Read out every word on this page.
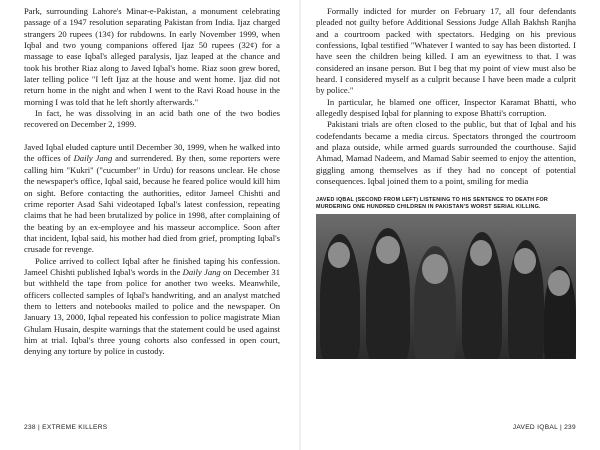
Park, surrounding Lahore's Minar-e-Pakistan, a monument celebrating passage of a 1947 resolution separating Pakistan from India. Ijaz charged strangers 20 rupees (13¢) for rubdowns. In early November 1999, when Iqbal and two young companions offered Ijaz 50 rupees (32¢) for a massage to ease Iqbal's alleged paralysis, Ijaz leaped at the chance and took his brother Riaz along to Javed Iqbal's home. Riaz soon grew bored, later telling police "I left Ijaz at the house and went home. Ijaz did not return home in the night and when I went to the Ravi Road house in the morning I was told that he left shortly afterwards."

In fact, he was dissolving in an acid bath one of the two bodies recovered on December 2, 1999.

Javed Iqbal eluded capture until December 30, 1999, when he walked into the offices of Daily Jang and surrendered. By then, some reporters were calling him "Kukri" ("cucumber" in Urdu) for reasons unclear. He chose the newspaper's office, Iqbal said, because he feared police would kill him on sight. Before contacting the authorities, editor Jameel Chishti and crime reporter Asad Sahi videotaped Iqbal's latest confession, repeating claims that he had been brutalized by police in 1998, after complaining of the beating by an ex-employee and his masseur accomplice. Soon after that incident, Iqbal said, his mother had died from grief, prompting Iqbal's crusade for revenge.

Police arrived to collect Iqbal after he finished taping his confession. Jameel Chishti published Iqbal's words in the Daily Jang on December 31 but withheld the tape from police for another two weeks. Meanwhile, officers collected samples of Iqbal's handwriting, and an analyst matched them to letters and notebooks mailed to police and the newspaper. On January 13, 2000, Iqbal repeated his confession to police magistrate Mian Ghulam Husain, despite warnings that the statement could be used against him at trial. Iqbal's three young cohorts also confessed in open court, denying any torture by police in custody.

238 | EXTREME KILLERS

Formally indicted for murder on February 17, all four defendants pleaded not guilty before Additional Sessions Judge Allah Bakhsh Ranjha and a courtroom packed with spectators. Hedging on his previous confessions, Iqbal testified "Whatever I wanted to say has been distorted. I have seen the children being killed. I am an eyewitness to that. I was considered an insane person. But I beg that my point of view must also be heard. I considered myself as a culprit because I have been made a culprit by police."

In particular, he blamed one officer, Inspector Karamat Bhatti, who allegedly despised Iqbal for planning to expose Bhatti's corruption.

Pakistani trials are often closed to the public, but that of Iqbal and his codefendants became a media circus. Spectators thronged the courtroom and plaza outside, while armed guards surrounded the courthouse. Sajid Ahmad, Mamad Nadeem, and Mamad Sabir seemed to enjoy the attention, giggling among themselves as if they had no concept of potential consequences. Iqbal joined them to a point, smiling for media

JAVED IQBAL (SECOND FROM LEFT) LISTENING TO HIS SENTENCE TO DEATH FOR MURDERING ONE HUNDRED CHILDREN IN PAKISTAN'S WORST SERIAL KILLING.
JAVED IQBAL | 239
